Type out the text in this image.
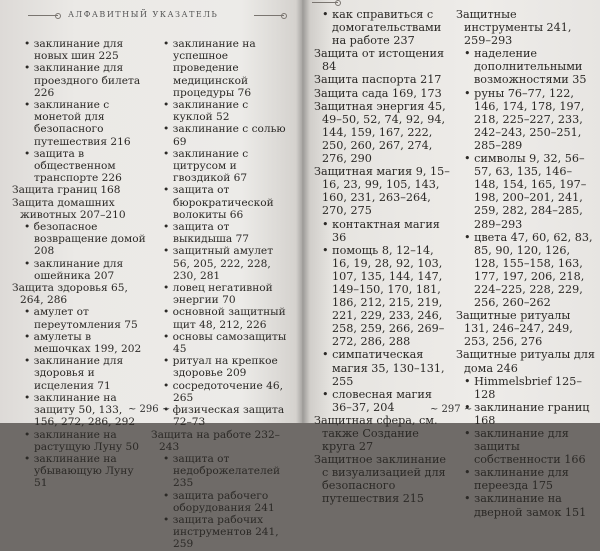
АЛФАВИТНЫЙ УКАЗАТЕЛЬ

• заклинание для новых шин 225

• заклинание для проездного билета 226

• заклинание с монетой для безопасного путешествия 216

• защита в общественном транспорте 226

Защита границ 168

Защита домашних животных 207–210

• безопасное возвращение домой 208

• заклинание для ошейника 207

Защита здоровья 65, 264, 286

• амулет от переутомления 75

• амулеты в мешочках 199, 202

• заклинание для здоровья и исцеления 71

• заклинание на защиту 50, 133, 156, 272, 286, 292

• заклинание на растущую Луну 50

• заклинание на убывающую Луну 51

• заклинание на успешное проведение медицинской процедуры 76

• заклинание с куклой 52

• заклинание с солью 69

• заклинание с цитрусом и гвоздикой 67

• защита от бюрократической волокиты 66

• защита от выкидыша 77

• защитный амулет 56, 205, 222, 228, 230, 281

• ловец негативной энергии 70

• основной защитный щит 48, 212, 226

• основы самозащиты 45

• ритуал на крепкое здоровье 209

• сосредоточение 46, 265

• физическая защита 72–73

Защита на работе 232–243

• защита от недоброжелателей 235

• защита рабочего оборудования 241

• защита рабочих инструментов 241, 259

~ 296 ~

• как справиться с домогательствами на работе 237

Защита от истощения 84

Защита паспорта 217

Защита сада 169, 173

Защитная энергия 45, 49–50, 52, 74, 92, 94, 144, 159, 167, 222, 250, 260, 267, 274, 276, 290

Защитная магия 9, 15–16, 23, 99, 105, 143, 160, 231, 263–264, 270, 275

• контактная магия 36

• помощь 8, 12–14, 16, 19, 28, 92, 103, 107, 135, 144, 147, 149–150, 170, 181, 186, 212, 215, 219, 221, 229, 233, 246, 258, 259, 266, 269–272, 286, 288

• симпатическая магия 35, 130–131, 255

• словесная магия 36–37, 204

Защитная сфера, см. также Создание круга 27

Защитное заклинание с визуализацией для безопасного путешествия 215

Защитные инструменты 241, 259–293

• наделение дополнительными возможностями 35

• руны 76–77, 122, 146, 174, 178, 197, 218, 225–227, 233, 242–243, 250–251, 285–289

• символы 9, 32, 56–57, 63, 135, 146–148, 154, 165, 197–198, 200–201, 241, 259, 282, 284–285, 289–293

• цвета 47, 60, 62, 83, 85, 90, 120, 126, 128, 155–158, 163, 177, 197, 206, 218, 224–225, 228, 229, 256, 260–262

Защитные ритуалы 131, 246–247, 249, 253, 256, 276

Защитные ритуалы для дома 246

• Himmelsbrief 125–128

• заклинание границ 168

• заклинание для защиты собственности 166

• заклинание для переезда 175

• заклинание на дверной замок 151

~ 297 ~
